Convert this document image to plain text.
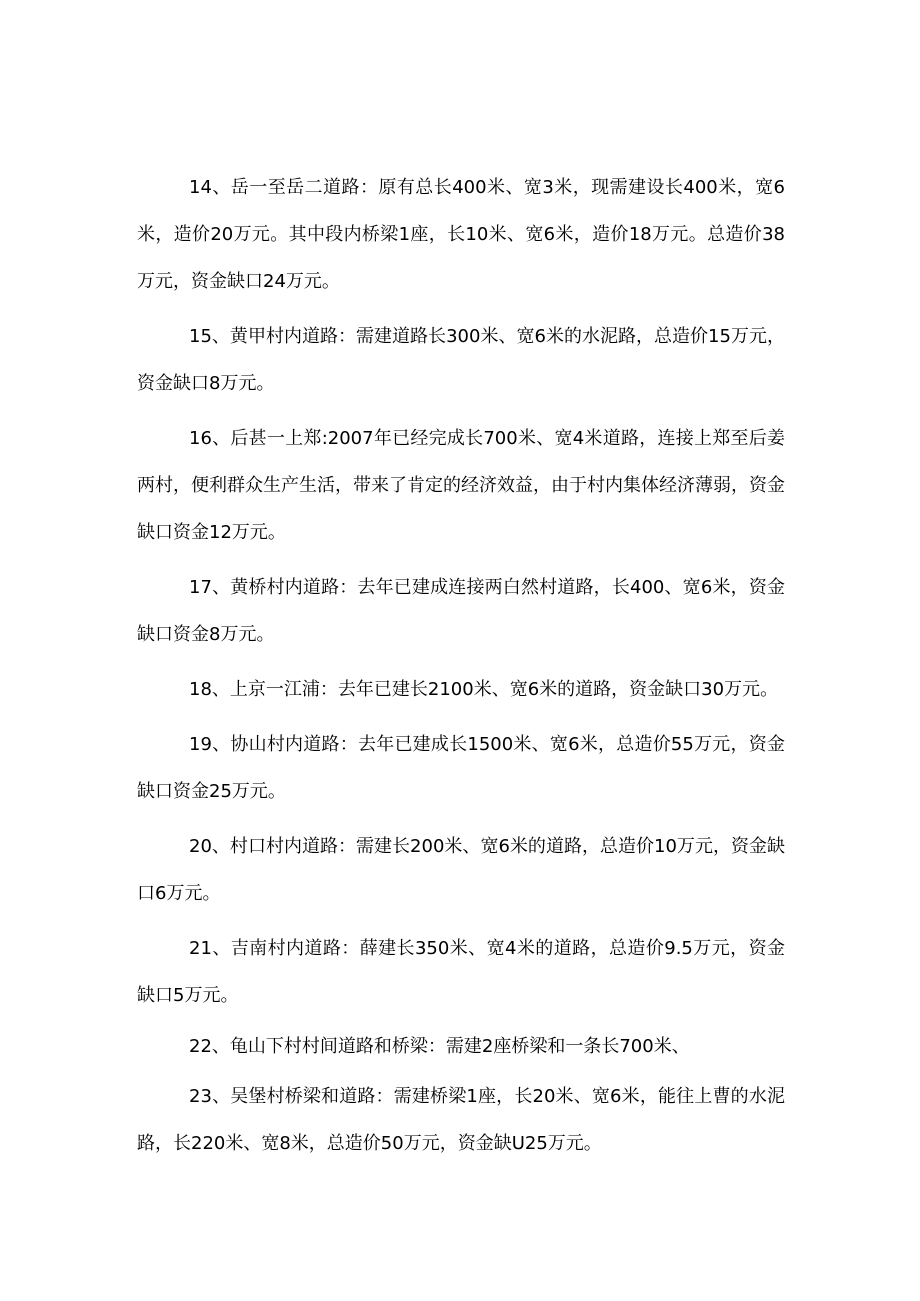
14、岳一至岳二道路：原有总长400米、宽3米，现需建设长400米，宽6米，造价20万元。其中段内桥梁1座，长10米、宽6米，造价18万元。总造价38万元，资金缺口24万元。

15、黄甲村内道路：需建道路长300米、宽6米的水泥路，总造价15万元，资金缺口8万元。

16、后甚一上郑:2007年已经完成长700米、宽4米道路，连接上郑至后姜两村，便利群众生产生活，带来了肯定的经济效益，由于村内集体经济薄弱，资金缺口资金12万元。

17、黄桥村内道路：去年已建成连接两白然村道路，长400、宽6米，资金缺口资金8万元。

18、上京一江浦：去年已建长2100米、宽6米的道路，资金缺口30万元。

19、协山村内道路：去年已建成长1500米、宽6米，总造价55万元，资金缺口资金25万元。

20、村口村内道路：需建长200米、宽6米的道路，总造价10万元，资金缺口6万元。

21、吉南村内道路：薛建长350米、宽4米的道路，总造价9.5万元，资金缺口5万元。

22、龟山下村村间道路和桥梁：需建2座桥梁和一条长700米、

23、吴堡村桥梁和道路：需建桥梁1座，长20米、宽6米，能往上曹的水泥路，长220米、宽8米，总造价50万元，资金缺U25万元。
